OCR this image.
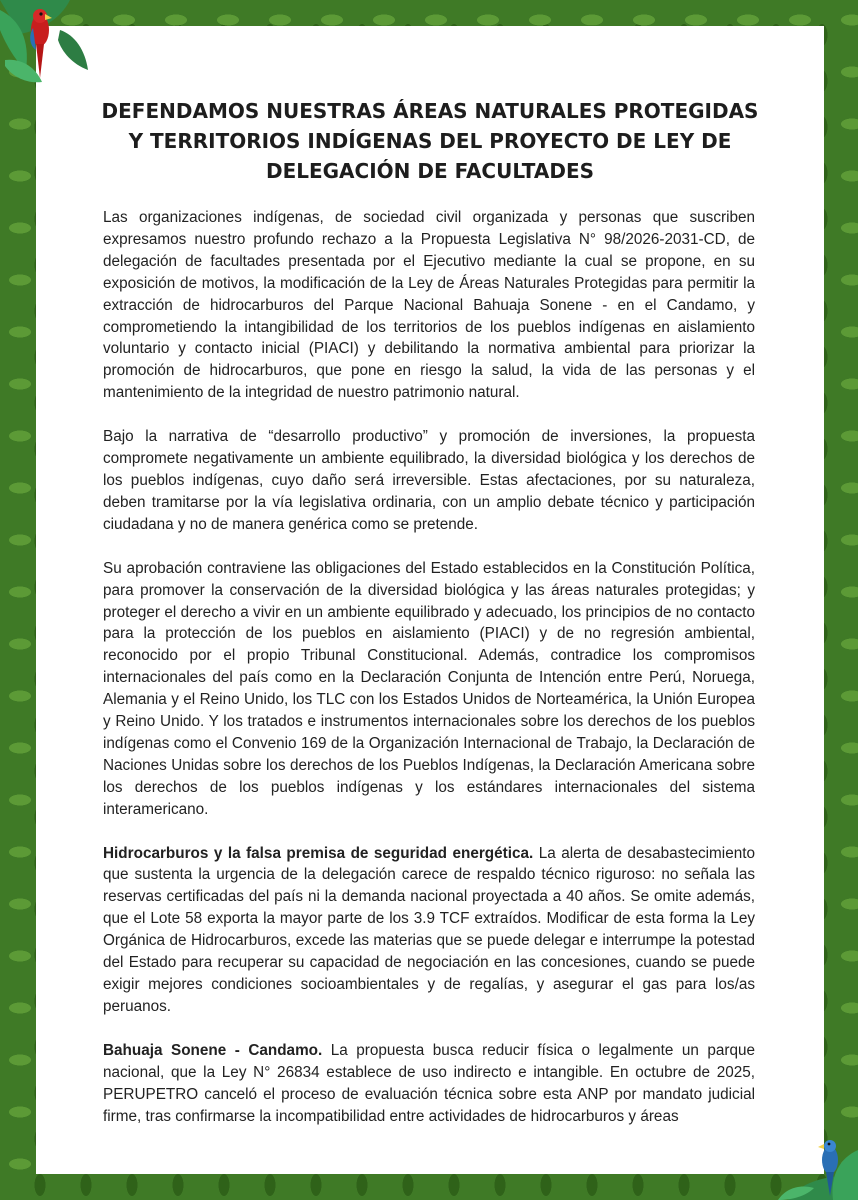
DEFENDAMOS NUESTRAS ÁREAS NATURALES PROTEGIDAS Y TERRITORIOS INDÍGENAS DEL PROYECTO DE LEY DE DELEGACIÓN DE FACULTADES

Las organizaciones indígenas, de sociedad civil organizada y personas que suscriben expresamos nuestro profundo rechazo a la Propuesta Legislativa N° 98/2026-2031-CD, de delegación de facultades presentada por el Ejecutivo mediante la cual se propone, en su exposición de motivos, la modificación de la Ley de Áreas Naturales Protegidas para permitir la extracción de hidrocarburos del Parque Nacional Bahuaja Sonene - en el Candamo, y comprometiendo la intangibilidad de los territorios de los pueblos indígenas en aislamiento voluntario y contacto inicial (PIACI) y debilitando la normativa ambiental para priorizar la promoción de hidrocarburos, que pone en riesgo la salud, la vida de las personas y el mantenimiento de la integridad de nuestro patrimonio natural.

Bajo la narrativa de “desarrollo productivo” y promoción de inversiones, la propuesta compromete negativamente un ambiente equilibrado, la diversidad biológica y los derechos de los pueblos indígenas, cuyo daño será irreversible. Estas afectaciones, por su naturaleza, deben tramitarse por la vía legislativa ordinaria, con un amplio debate técnico y participación ciudadana y no de manera genérica como se pretende.

Su aprobación contraviene las obligaciones del Estado establecidos en la Constitución Política, para promover la conservación de la diversidad biológica y las áreas naturales protegidas; y proteger el derecho a vivir en un ambiente equilibrado y adecuado, los principios de no contacto para la protección de los pueblos en aislamiento (PIACI) y de no regresión ambiental, reconocido por el propio Tribunal Constitucional. Además, contradice los compromisos internacionales del país como en la Declaración Conjunta de Intención entre Perú, Noruega, Alemania y el Reino Unido, los TLC con los Estados Unidos de Norteamérica, la Unión Europea y Reino Unido. Y los tratados e instrumentos internacionales sobre los derechos de los pueblos indígenas como el Convenio 169 de la Organización Internacional de Trabajo, la Declaración de Naciones Unidas sobre los derechos de los Pueblos Indígenas, la Declaración Americana sobre los derechos de los pueblos indígenas y los estándares internacionales del sistema interamericano.

Hidrocarburos y la falsa premisa de seguridad energética. La alerta de desabastecimiento que sustenta la urgencia de la delegación carece de respaldo técnico riguroso: no señala las reservas certificadas del país ni la demanda nacional proyectada a 40 años. Se omite además, que el Lote 58 exporta la mayor parte de los 3.9 TCF extraídos. Modificar de esta forma la Ley Orgánica de Hidrocarburos, excede las materias que se puede delegar e interrumpe la potestad del Estado para recuperar su capacidad de negociación en las concesiones, cuando se puede exigir mejores condiciones socioambientales y de regalías, y asegurar el gas para los/as peruanos.

Bahuaja Sonene - Candamo. La propuesta busca reducir física o legalmente un parque nacional, que la Ley N° 26834 establece de uso indirecto e intangible. En octubre de 2025, PERUPETRO canceló el proceso de evaluación técnica sobre esta ANP por mandato judicial firme, tras confirmarse la incompatibilidad entre actividades de hidrocarburos y áreas
